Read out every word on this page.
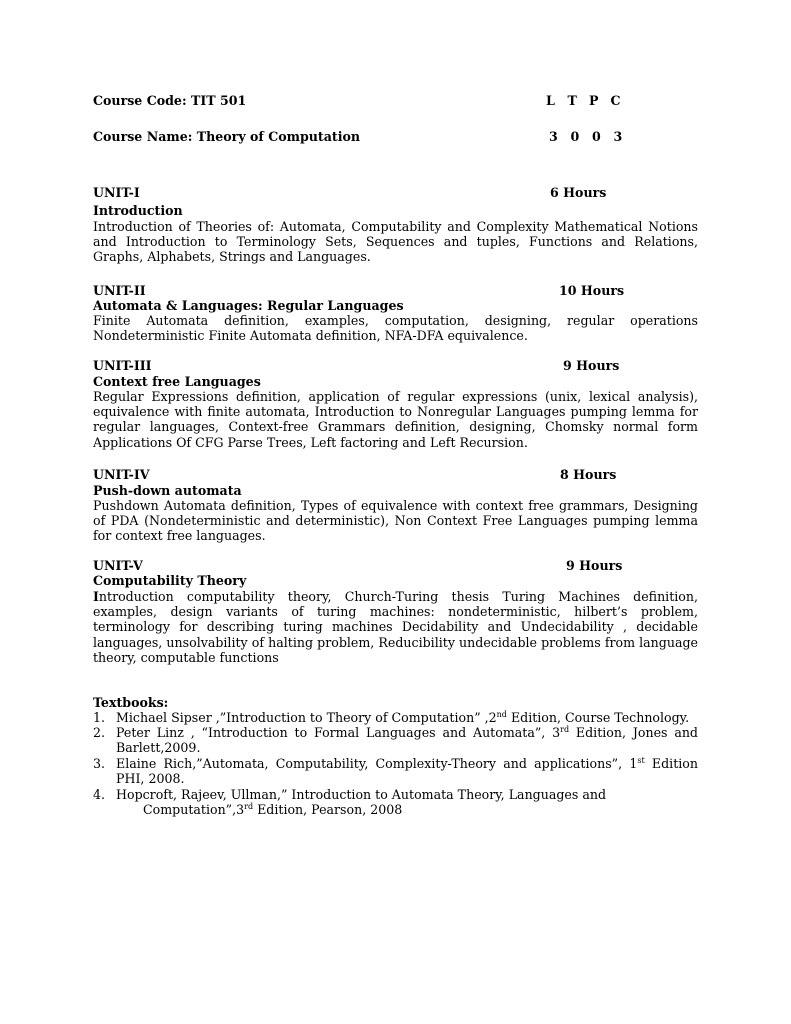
Course Code: TIT 501	L T P C
Course Name: Theory of Computation	3 0 0 3
UNIT-I	6 Hours
Introduction
Introduction of Theories of: Automata, Computability and Complexity Mathematical Notions and Introduction to Terminology Sets, Sequences and tuples, Functions and Relations, Graphs, Alphabets, Strings and Languages.
UNIT-II	10 Hours
Automata & Languages: Regular Languages
Finite Automata definition, examples, computation, designing, regular operations Nondeterministic Finite Automata definition, NFA-DFA equivalence.
UNIT-III	9 Hours
Context free Languages
Regular Expressions definition, application of regular expressions (unix, lexical analysis), equivalence with finite automata, Introduction to Nonregular Languages pumping lemma for regular languages, Context-free Grammars definition, designing, Chomsky normal form Applications Of CFG Parse Trees, Left factoring and Left Recursion.
UNIT-IV	8 Hours
Push-down automata
Pushdown Automata definition, Types of equivalence with context free grammars, Designing of PDA (Nondeterministic and deterministic), Non Context Free Languages pumping lemma for context free languages.
UNIT-V	9 Hours
Computability Theory
Introduction computability theory, Church-Turing thesis Turing Machines definition, examples, design variants of turing machines: nondeterministic, hilbert’s problem, terminology for describing turing machines Decidability and Undecidability , decidable languages, unsolvability of halting problem, Reducibility undecidable problems from language theory, computable functions
Textbooks:
1. Michael Sipser ,”Introduction to Theory of Computation” ,2nd Edition, Course Technology.
2. Peter Linz , “Introduction to Formal Languages and Automata”, 3rd Edition, Jones and Barlett,2009.
3. Elaine Rich,”Automata, Computability, Complexity-Theory and applications”, 1st Edition PHI, 2008.
4. Hopcroft, Rajeev, Ullman,” Introduction to Automata Theory, Languages and
Computation”,3rd Edition, Pearson, 2008
